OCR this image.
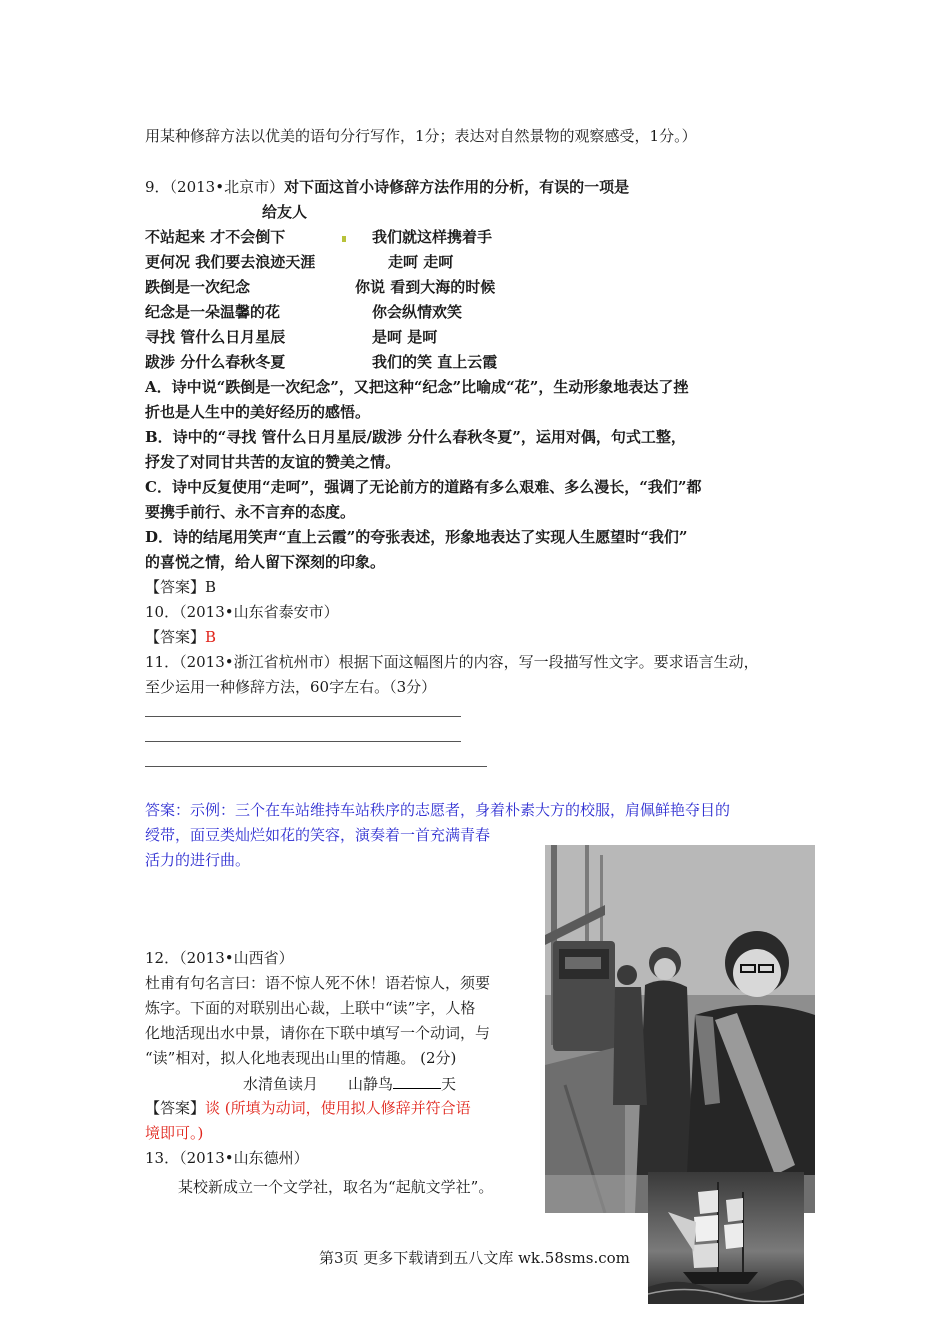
用某种修辞方法以优美的语句分行写作，1分；表达对自然景物的观察感受，1分。）
9．（2013•北京市）对下面这首小诗修辞方法作用的分析，有误的一项是
给友人
不站起来 才不会倒下
更何况 我们要去浪迹天涯
跌倒是一次纪念
纪念是一朵温馨的花
寻找 管什么日月星辰
跋涉 分什么春秋冬夏
我们就这样携着手
走呵 走呵
你说 看到大海的时候
你会纵情欢笑
是呵 是呵
我们的笑 直上云霞
A．诗中说“跌倒是一次纪念”，又把这种“纪念”比喻成“花”，生动形象地表达了挫
折也是人生中的美好经历的感悟。
B．诗中的“寻找 管什么日月星辰/跋涉 分什么春秋冬夏”，运用对偶，句式工整，
抒发了对同甘共苦的友谊的赞美之情。
C．诗中反复使用“走呵”，强调了无论前方的道路有多么艰难、多么漫长，“我们”都
要携手前行、永不言弃的态度。
D．诗的结尾用笑声“直上云霞”的夸张表述，形象地表达了实现人生愿望时“我们”
的喜悦之情，给人留下深刻的印象。
【答案】B
10．（2013•山东省泰安市）
【答案】B
11．（2013•浙江省杭州市）根据下面这幅图片的内容，写一段描写性文字。要求语言生动，
至少运用一种修辞方法，60字左右。（3分）
答案：示例：三个在车站维持车站秩序的志愿者，身着朴素大方的校服，肩佩鲜艳夺目的
绶带，面豆类灿烂如花的笑容，演奏着一首充满青春
活力的进行曲。
12．（2013•山西省）
杜甫有句名言曰：语不惊人死不休！语若惊人，须要
炼字。下面的对联别出心裁，上联中“读”字，人格
化地活现出水中景，请你在下联中填写一个动词，与
“读”相对，拟人化地表现出山里的情趣。 (2分)
水清鱼读月 山静鸟	天
【答案】谈 (所填为动词，使用拟人修辞并符合语
境即可。)
13．（2013•山东德州）
某校新成立一个文学社，取名为“起航文学社”。
第3页 更多下载请到五八文库 wk.58sms.com
